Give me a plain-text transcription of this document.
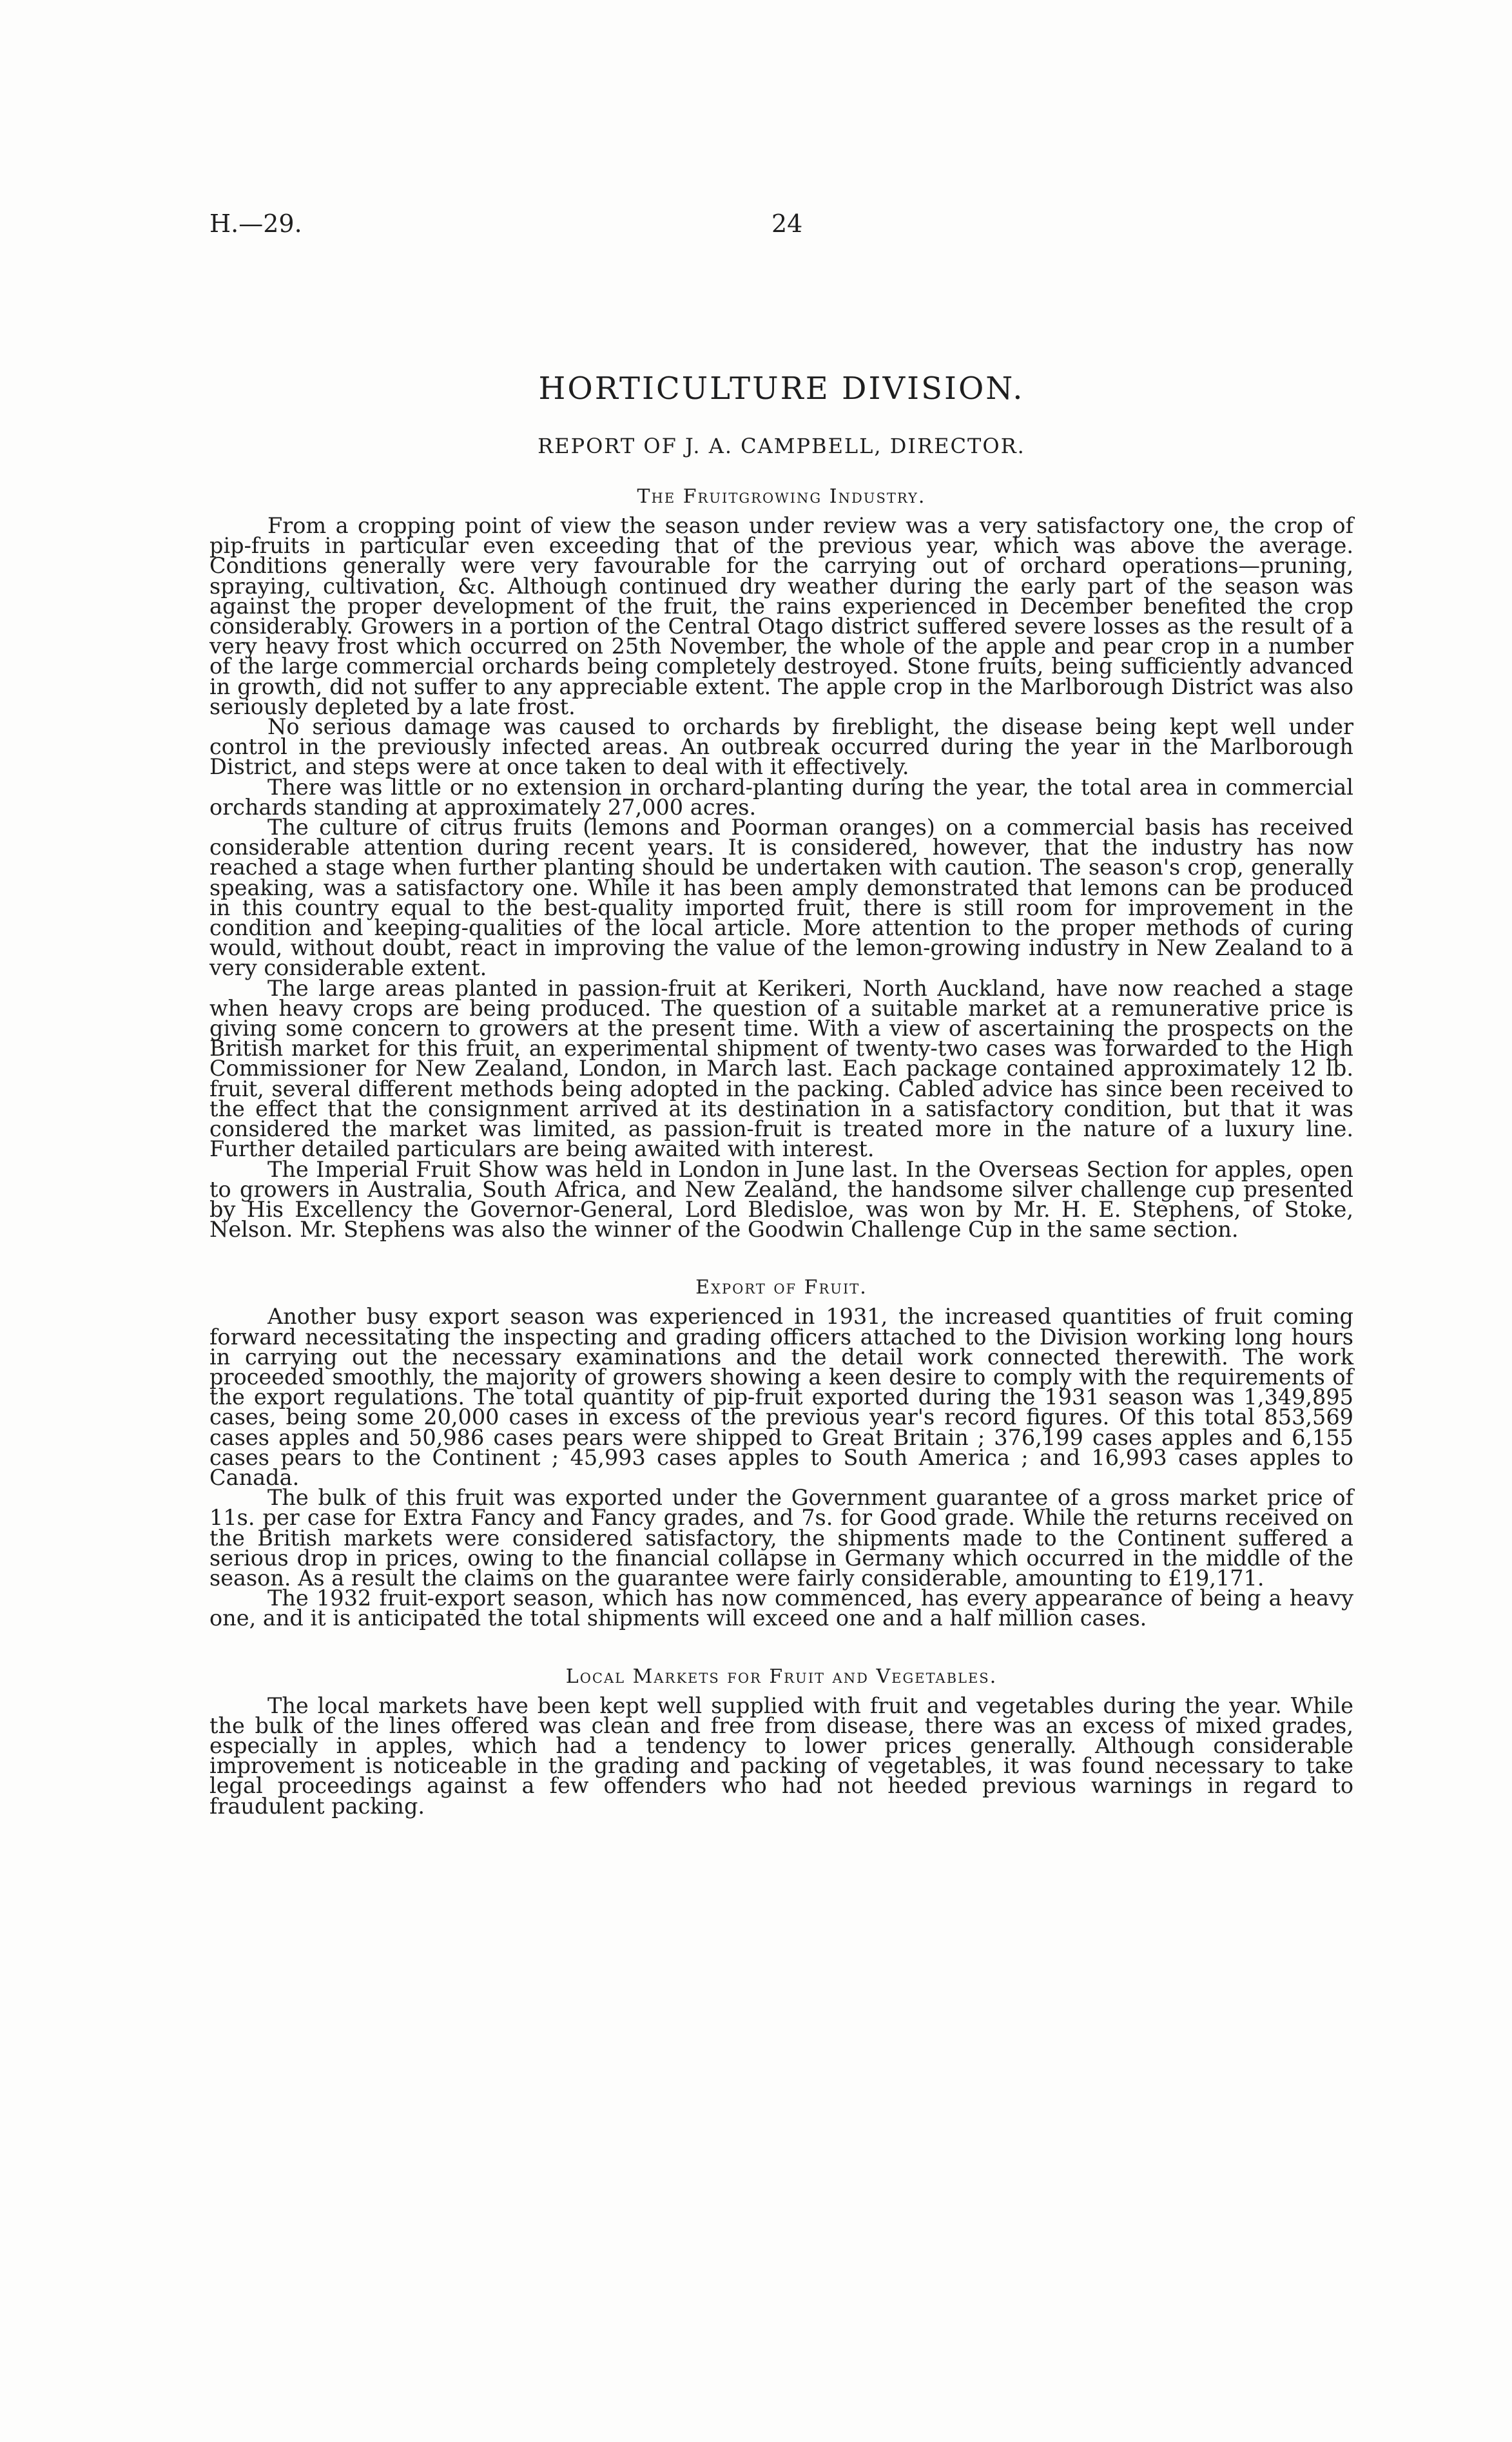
H.—29.	24
HORTICULTURE DIVISION.
REPORT OF J. A. CAMPBELL, DIRECTOR.
The Fruitgrowing Industry.

From a cropping point of view the season under review was a very satisfactory one, the crop of pip-fruits in particular even exceeding that of the previous year, which was above the average. Conditions generally were very favourable for the carrying out of orchard operations—pruning, spraying, cultivation, &c. Although continued dry weather during the early part of the season was against the proper development of the fruit, the rains experienced in December benefited the crop considerably. Growers in a portion of the Central Otago district suffered severe losses as the result of a very heavy frost which occurred on 25th November, the whole of the apple and pear crop in a number of the large commercial orchards being completely destroyed. Stone fruits, being sufficiently advanced in growth, did not suffer to any appreciable extent. The apple crop in the Marlborough District was also seriously depleted by a late frost.

No serious damage was caused to orchards by fireblight, the disease being kept well under control in the previously infected areas. An outbreak occurred during the year in the Marlborough District, and steps were at once taken to deal with it effectively.

There was little or no extension in orchard-planting during the year, the total area in commercial orchards standing at approximately 27,000 acres.

The culture of citrus fruits (lemons and Poorman oranges) on a commercial basis has received considerable attention during recent years. It is considered, however, that the industry has now reached a stage when further planting should be undertaken with caution. The season's crop, generally speaking, was a satisfactory one. While it has been amply demonstrated that lemons can be produced in this country equal to the best-quality imported fruit, there is still room for improvement in the condition and keeping-qualities of the local article. More attention to the proper methods of curing would, without doubt, react in improving the value of the lemon-growing industry in New Zealand to a very considerable extent.

The large areas planted in passion-fruit at Kerikeri, North Auckland, have now reached a stage when heavy crops are being produced. The question of a suitable market at a remunerative price is giving some concern to growers at the present time. With a view of ascertaining the prospects on the British market for this fruit, an experimental shipment of twenty-two cases was forwarded to the High Commissioner for New Zealand, London, in March last. Each package contained approximately 12 lb. fruit, several different methods being adopted in the packing. Cabled advice has since been received to the effect that the consignment arrived at its destination in a satisfactory condition, but that it was considered the market was limited, as passion-fruit is treated more in the nature of a luxury line. Further detailed particulars are being awaited with interest.

The Imperial Fruit Show was held in London in June last. In the Overseas Section for apples, open to growers in Australia, South Africa, and New Zealand, the handsome silver challenge cup presented by His Excellency the Governor-General, Lord Bledisloe, was won by Mr. H. E. Stephens, of Stoke, Nelson. Mr. Stephens was also the winner of the Goodwin Challenge Cup in the same section.

Export of Fruit.

Another busy export season was experienced in 1931, the increased quantities of fruit coming forward necessitating the inspecting and grading officers attached to the Division working long hours in carrying out the necessary examinations and the detail work connected therewith. The work proceeded smoothly, the majority of growers showing a keen desire to comply with the requirements of the export regulations. The total quantity of pip-fruit exported during the 1931 season was 1,349,895 cases, being some 20,000 cases in excess of the previous year's record figures. Of this total 853,569 cases apples and 50,986 cases pears were shipped to Great Britain ; 376,199 cases apples and 6,155 cases pears to the Continent ; 45,993 cases apples to South America ; and 16,993 cases apples to Canada.

The bulk of this fruit was exported under the Government guarantee of a gross market price of 11s. per case for Extra Fancy and Fancy grades, and 7s. for Good grade. While the returns received on the British markets were considered satisfactory, the shipments made to the Continent suffered a serious drop in prices, owing to the financial collapse in Germany which occurred in the middle of the season. As a result the claims on the guarantee were fairly considerable, amounting to £19,171.

The 1932 fruit-export season, which has now commenced, has every appearance of being a heavy one, and it is anticipated the total shipments will exceed one and a half million cases.

Local Markets for Fruit and Vegetables.

The local markets have been kept well supplied with fruit and vegetables during the year. While the bulk of the lines offered was clean and free from disease, there was an excess of mixed grades, especially in apples, which had a tendency to lower prices generally. Although considerable improvement is noticeable in the grading and packing of vegetables, it was found necessary to take legal proceedings against a few offenders who had not heeded previous warnings in regard to fraudulent packing.
